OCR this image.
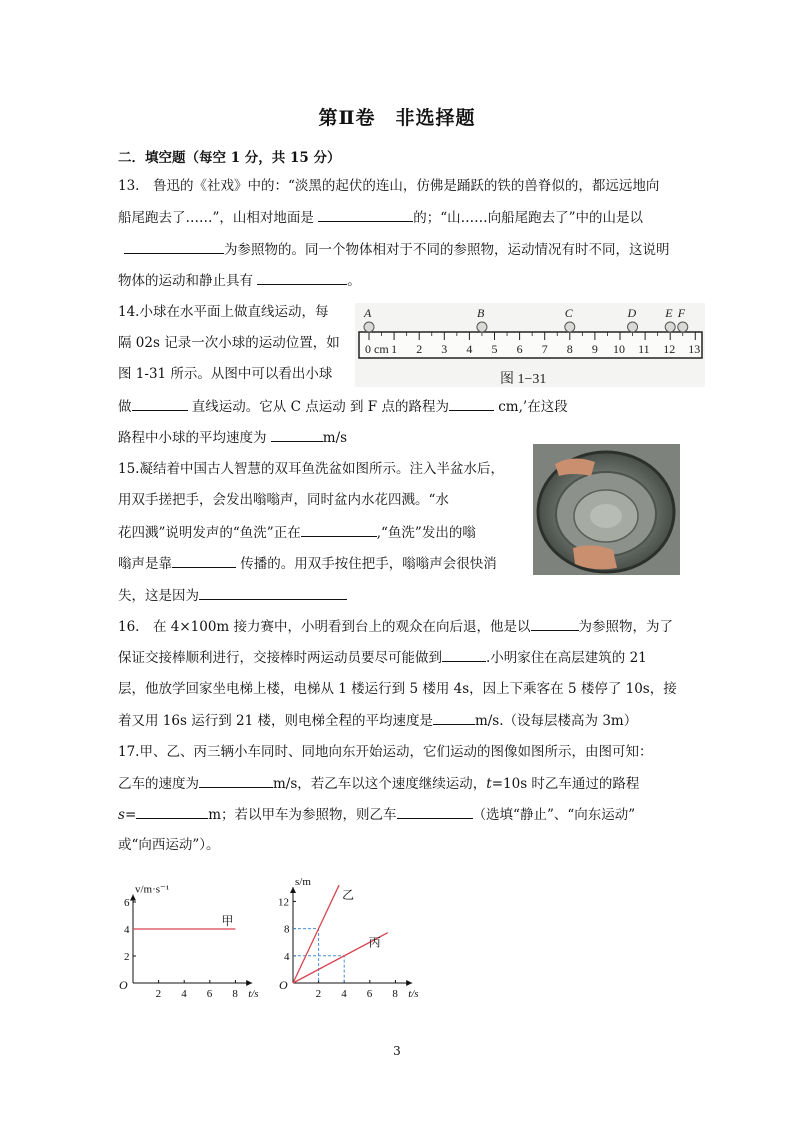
第Ⅱ卷　非选择题
二．填空题（每空 1 分，共 15 分）
13.　鲁迅的《社戏》中的：“淡黑的起伏的连山，仿佛是踊跃的铁的兽脊似的，都远远地向
船尾跑去了……”，山相对地面是	的；“山……向船尾跑去了”中的山是以
为参照物的。同一个物体相对于不同的参照物，运动情况有时不同，这说明
物体的运动和静止具有	。
14.小球在水平面上做直线运动，每
隔 02s 记录一次小球的运动位置，如
图 1-31 所示。从图中可以看出小球
做	直线运动。它从 C 点运动 到 F 点的路程为	cm,’在这段
路程中小球的平均速度为	m/s
0 cm 1 2 3 4 5 6 7 8 9 10 11 12 13
A	B	C	D E F
图 1−31
15.凝结着中国古人智慧的双耳鱼洗盆如图所示。注入半盆水后，
用双手搓把手，会发出嗡嗡声，同时盆内水花四溅。“水
花四溅”说明发声的“鱼洗”正在	,“鱼洗”发出的嗡
嗡声是靠	传播的。用双手按住把手，嗡嗡声会很快消
失，这是因为
16.　在 4×100m 接力赛中，小明看到台上的观众在向后退，他是以	为参照物，为了
保证交接棒顺利进行，交接棒时两运动员要尽可能做到	.小明家住在高层建筑的 21
层，他放学回家坐电梯上楼，电梯从 1 楼运行到 5 楼用 4s，因上下乘客在 5 楼停了 10s，接
着又用 16s 运行到 21 楼，则电梯全程的平均速度是	m/s.（设每层楼高为 3m）
17.甲、乙、丙三辆小车同时、同地向东开始运动，它们运动的图像如图所示，由图可知：
乙车的速度为	m/s，若乙车以这个速度继续运动，t=10s 时乙车通过的路程
s=	m；若以甲车为参照物，则乙车	（选填“静止”、“向东运动”
或“向西运动”）。
O
v/m·s⁻¹
t/s
2 4 6 8
2
4
6
甲
O
s/m
t/s
2 4 6 8
4
8
12
乙
丙
3
